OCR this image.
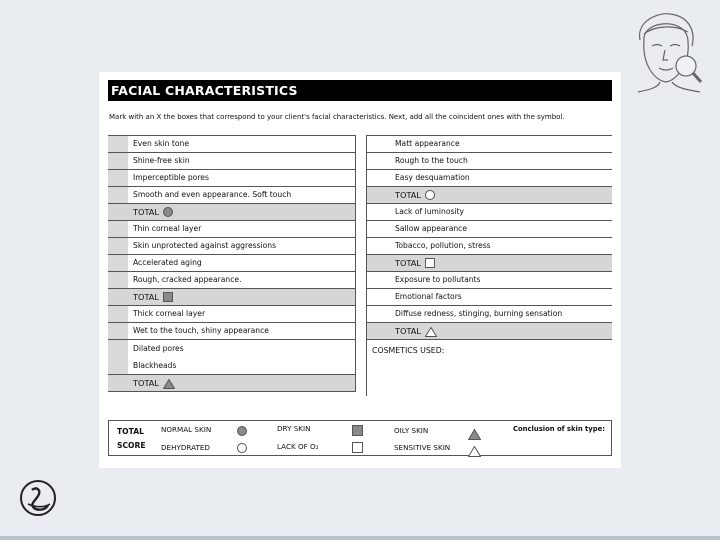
FACIAL CHARACTERISTICS
Mark with an X the boxes that correspond to your client's facial characteristics. Next, add all the coincident ones with the symbol.
Even skin tone
Shine-free skin
Imperceptible pores
Smooth and even appearance. Soft touch
TOTAL
Thin corneal layer
Skin unprotected against aggressions
Accelerated aging
Rough, cracked appearance.
TOTAL
Thick corneal layer
Wet to the touch, shiny appearance
Dilated pores
Blackheads
TOTAL
Matt appearance
Rough to the touch
Easy desquamation
TOTAL
Lack of luminosity
Sallow appearance
Tobacco, pollution, stress
TOTAL
Exposure to pollutants
Emotional factors
Diffuse redness, stinging, burning sensation
TOTAL
COSMETICS USED:
TOTAL
SCORE
NORMAL SKIN
DEHYDRATED
DRY SKIN
LACK OF O₂
OILY SKIN
SENSITIVE SKIN
Conclusion of skin type:
